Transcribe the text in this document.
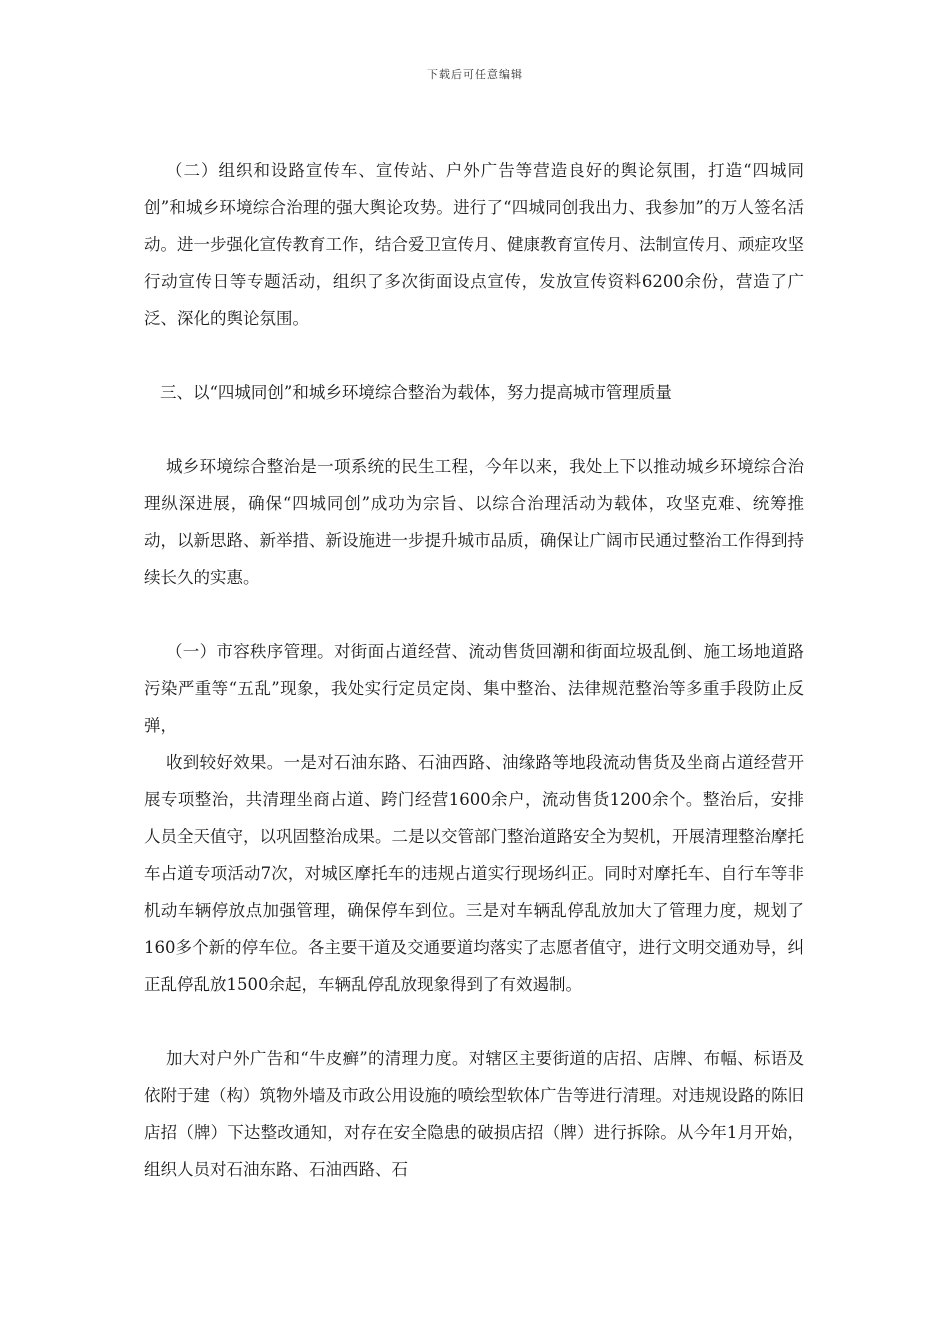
下载后可任意编辑

（二）组织和设路宣传车、宣传站、户外广告等营造良好的舆论氛围，打造“四城同创”和城乡环境综合治理的强大舆论攻势。进行了“四城同创我出力、我参加”的万人签名活动。进一步强化宣传教育工作，结合爱卫宣传月、健康教育宣传月、法制宣传月、顽症攻坚行动宣传日等专题活动，组织了多次街面设点宣传，发放宣传资料6200余份，营造了广泛、深化的舆论氛围。

三、以“四城同创”和城乡环境综合整治为载体，努力提高城市管理质量

城乡环境综合整治是一项系统的民生工程，今年以来，我处上下以推动城乡环境综合治理纵深进展，确保“四城同创”成功为宗旨、以综合治理活动为载体，攻坚克难、统筹推动，以新思路、新举措、新设施进一步提升城市品质，确保让广阔市民通过整治工作得到持续长久的实惠。

（一）市容秩序管理。对街面占道经营、流动售货回潮和街面垃圾乱倒、施工场地道路污染严重等“五乱”现象，我处实行定员定岗、集中整治、法律规范整治等多重手段防止反弹，

收到较好效果。一是对石油东路、石油西路、油缘路等地段流动售货及坐商占道经营开展专项整治，共清理坐商占道、跨门经营1600余户，流动售货1200余个。整治后，安排人员全天值守，以巩固整治成果。二是以交管部门整治道路安全为契机，开展清理整治摩托车占道专项活动7次，对城区摩托车的违规占道实行现场纠正。同时对摩托车、自行车等非机动车辆停放点加强管理，确保停车到位。三是对车辆乱停乱放加大了管理力度，规划了160多个新的停车位。各主要干道及交通要道均落实了志愿者值守，进行文明交通劝导，纠正乱停乱放1500余起，车辆乱停乱放现象得到了有效遏制。

加大对户外广告和“牛皮癣”的清理力度。对辖区主要街道的店招、店牌、布幅、标语及依附于建（构）筑物外墙及市政公用设施的喷绘型软体广告等进行清理。对违规设路的陈旧店招（牌）下达整改通知，对存在安全隐患的破损店招（牌）进行拆除。从今年1月开始，组织人员对石油东路、石油西路、石
